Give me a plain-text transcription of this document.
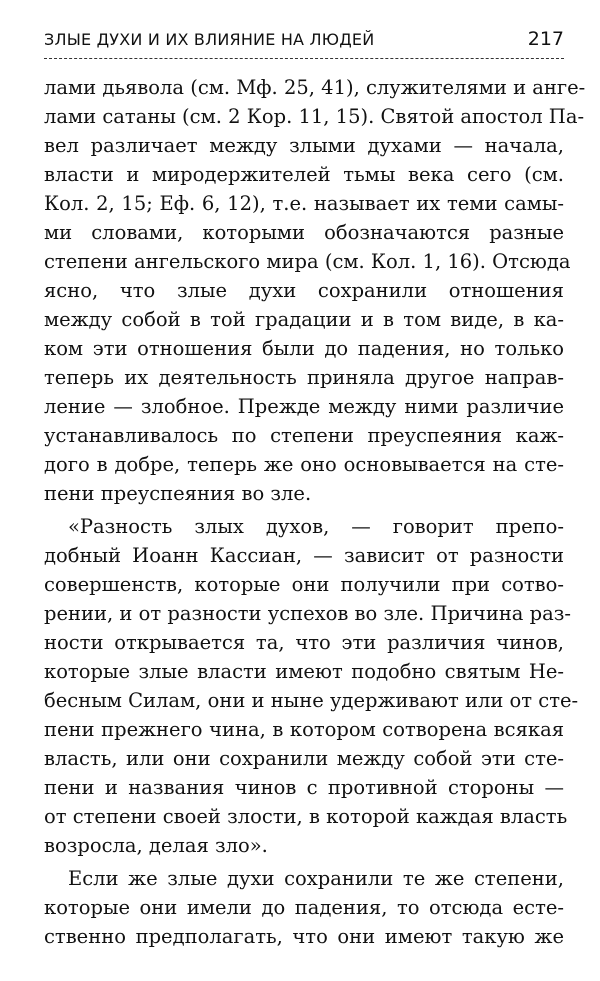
ЗЛЫЕ ДУХИ И ИХ ВЛИЯНИЕ НА ЛЮДЕЙ	217
лами дьявола (см. Мф. 25, 41), служителями и анге-
лами сатаны (см. 2 Кор. 11, 15). Святой апостол Па-
вел различает между злыми духами — начала,
власти и миродержителей тьмы века сего (см.
Кол. 2, 15; Еф. 6, 12), т.е. называет их теми самы-
ми словами, которыми обозначаются разные
степени ангельского мира (см. Кол. 1, 16). Отсюда
ясно, что злые духи сохранили отношения
между собой в той градации и в том виде, в ка-
ком эти отношения были до падения, но только
теперь их деятельность приняла другое направ-
ление — злобное. Прежде между ними различие
устанавливалось по степени преуспеяния каж-
дого в добре, теперь же оно основывается на сте-
пени преуспеяния во зле.
«Разность злых духов, — говорит препо-
добный Иоанн Кассиан, — зависит от разности
совершенств, которые они получили при сотво-
рении, и от разности успехов во зле. Причина раз-
ности открывается та, что эти различия чинов,
которые злые власти имеют подобно святым Не-
бесным Силам, они и ныне удерживают или от сте-
пени прежнего чина, в котором сотворена всякая
власть, или они сохранили между собой эти сте-
пени и названия чинов с противной стороны —
от степени своей злости, в которой каждая власть
возросла, делая зло».
Если же злые духи сохранили те же степени,
которые они имели до падения, то отсюда есте-
ственно предполагать, что они имеют такую же
